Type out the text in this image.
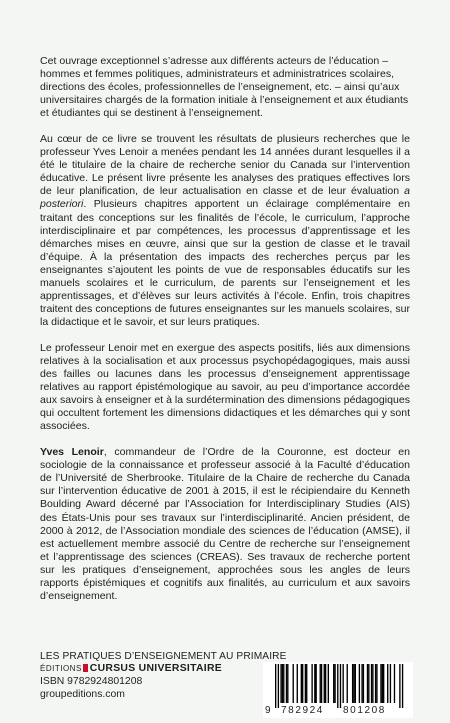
Cet ouvrage exceptionnel s’adresse aux différents acteurs de l’éducation – hommes et femmes politiques, administrateurs et administratrices scolaires, directions des écoles, professionnelles de l’enseignement, etc. – ainsi qu’aux universitaires chargés de la formation initiale à l’enseignement et aux étudiants et étudiantes qui se destinent à l’enseignement.

Au cœur de ce livre se trouvent les résultats de plusieurs recherches que le professeur Yves Lenoir a menées pendant les 14 années durant lesquelles il a été le titulaire de la chaire de recherche senior du Canada sur l’intervention éducative. Le présent livre présente les analyses des pratiques effectives lors de leur planification, de leur actualisation en classe et de leur évaluation a posteriori. Plusieurs chapitres apportent un éclairage complémentaire en traitant des conceptions sur les finalités de l’école, le curriculum, l’approche interdisciplinaire et par compétences, les processus d’apprentissage et les démarches mises en œuvre, ainsi que sur la gestion de classe et le travail d’équipe. À la présentation des impacts des recherches perçus par les enseignantes s’ajoutent les points de vue de responsables éducatifs sur les manuels scolaires et le curriculum, de parents sur l’enseignement et les apprentissages, et d’élèves sur leurs activités à l’école. Enfin, trois chapitres traitent des conceptions de futures enseignantes sur les manuels scolaires, sur la didactique et le savoir, et sur leurs pratiques.

Le professeur Lenoir met en exergue des aspects positifs, liés aux dimensions relatives à la socialisation et aux processus psychopédagogiques, mais aussi des failles ou lacunes dans les processus d’enseignement apprentissage relatives au rapport épistémologique au savoir, au peu d’importance accordée aux savoirs à enseigner et à la surdétermination des dimensions pédagogiques qui occultent fortement les dimensions didactiques et les démarches qui y sont associées.

Yves Lenoir, commandeur de l’Ordre de la Couronne, est docteur en sociologie de la connaissance et professeur associé à la Faculté d’éducation de l’Université de Sherbrooke. Titulaire de la Chaire de recherche du Canada sur l’intervention éducative de 2001 à 2015, il est le récipiendaire du Kenneth Boulding Award décerné par l’Association for Interdisciplinary Studies (AIS) des États-Unis pour ses travaux sur l’interdisciplinarité. Ancien président, de 2000 à 2012, de l’Association mondiale des sciences de l’éducation (AMSE), il est actuellement membre associé du Centre de recherche sur l’enseignement et l’apprentissage des sciences (CREAS). Ses travaux de recherche portent sur les pratiques d’enseignement, approchées sous les angles de leurs rapports épistémiques et cognitifs aux finalités, au curriculum et aux savoirs d’enseignement.

LES PRATIQUES D’ENSEIGNEMENT AU PRIMAIRE
ÉDITIONS CURSUS UNIVERSITAIRE
ISBN 9782924801208
groupeditions.com
9 782924 801208
